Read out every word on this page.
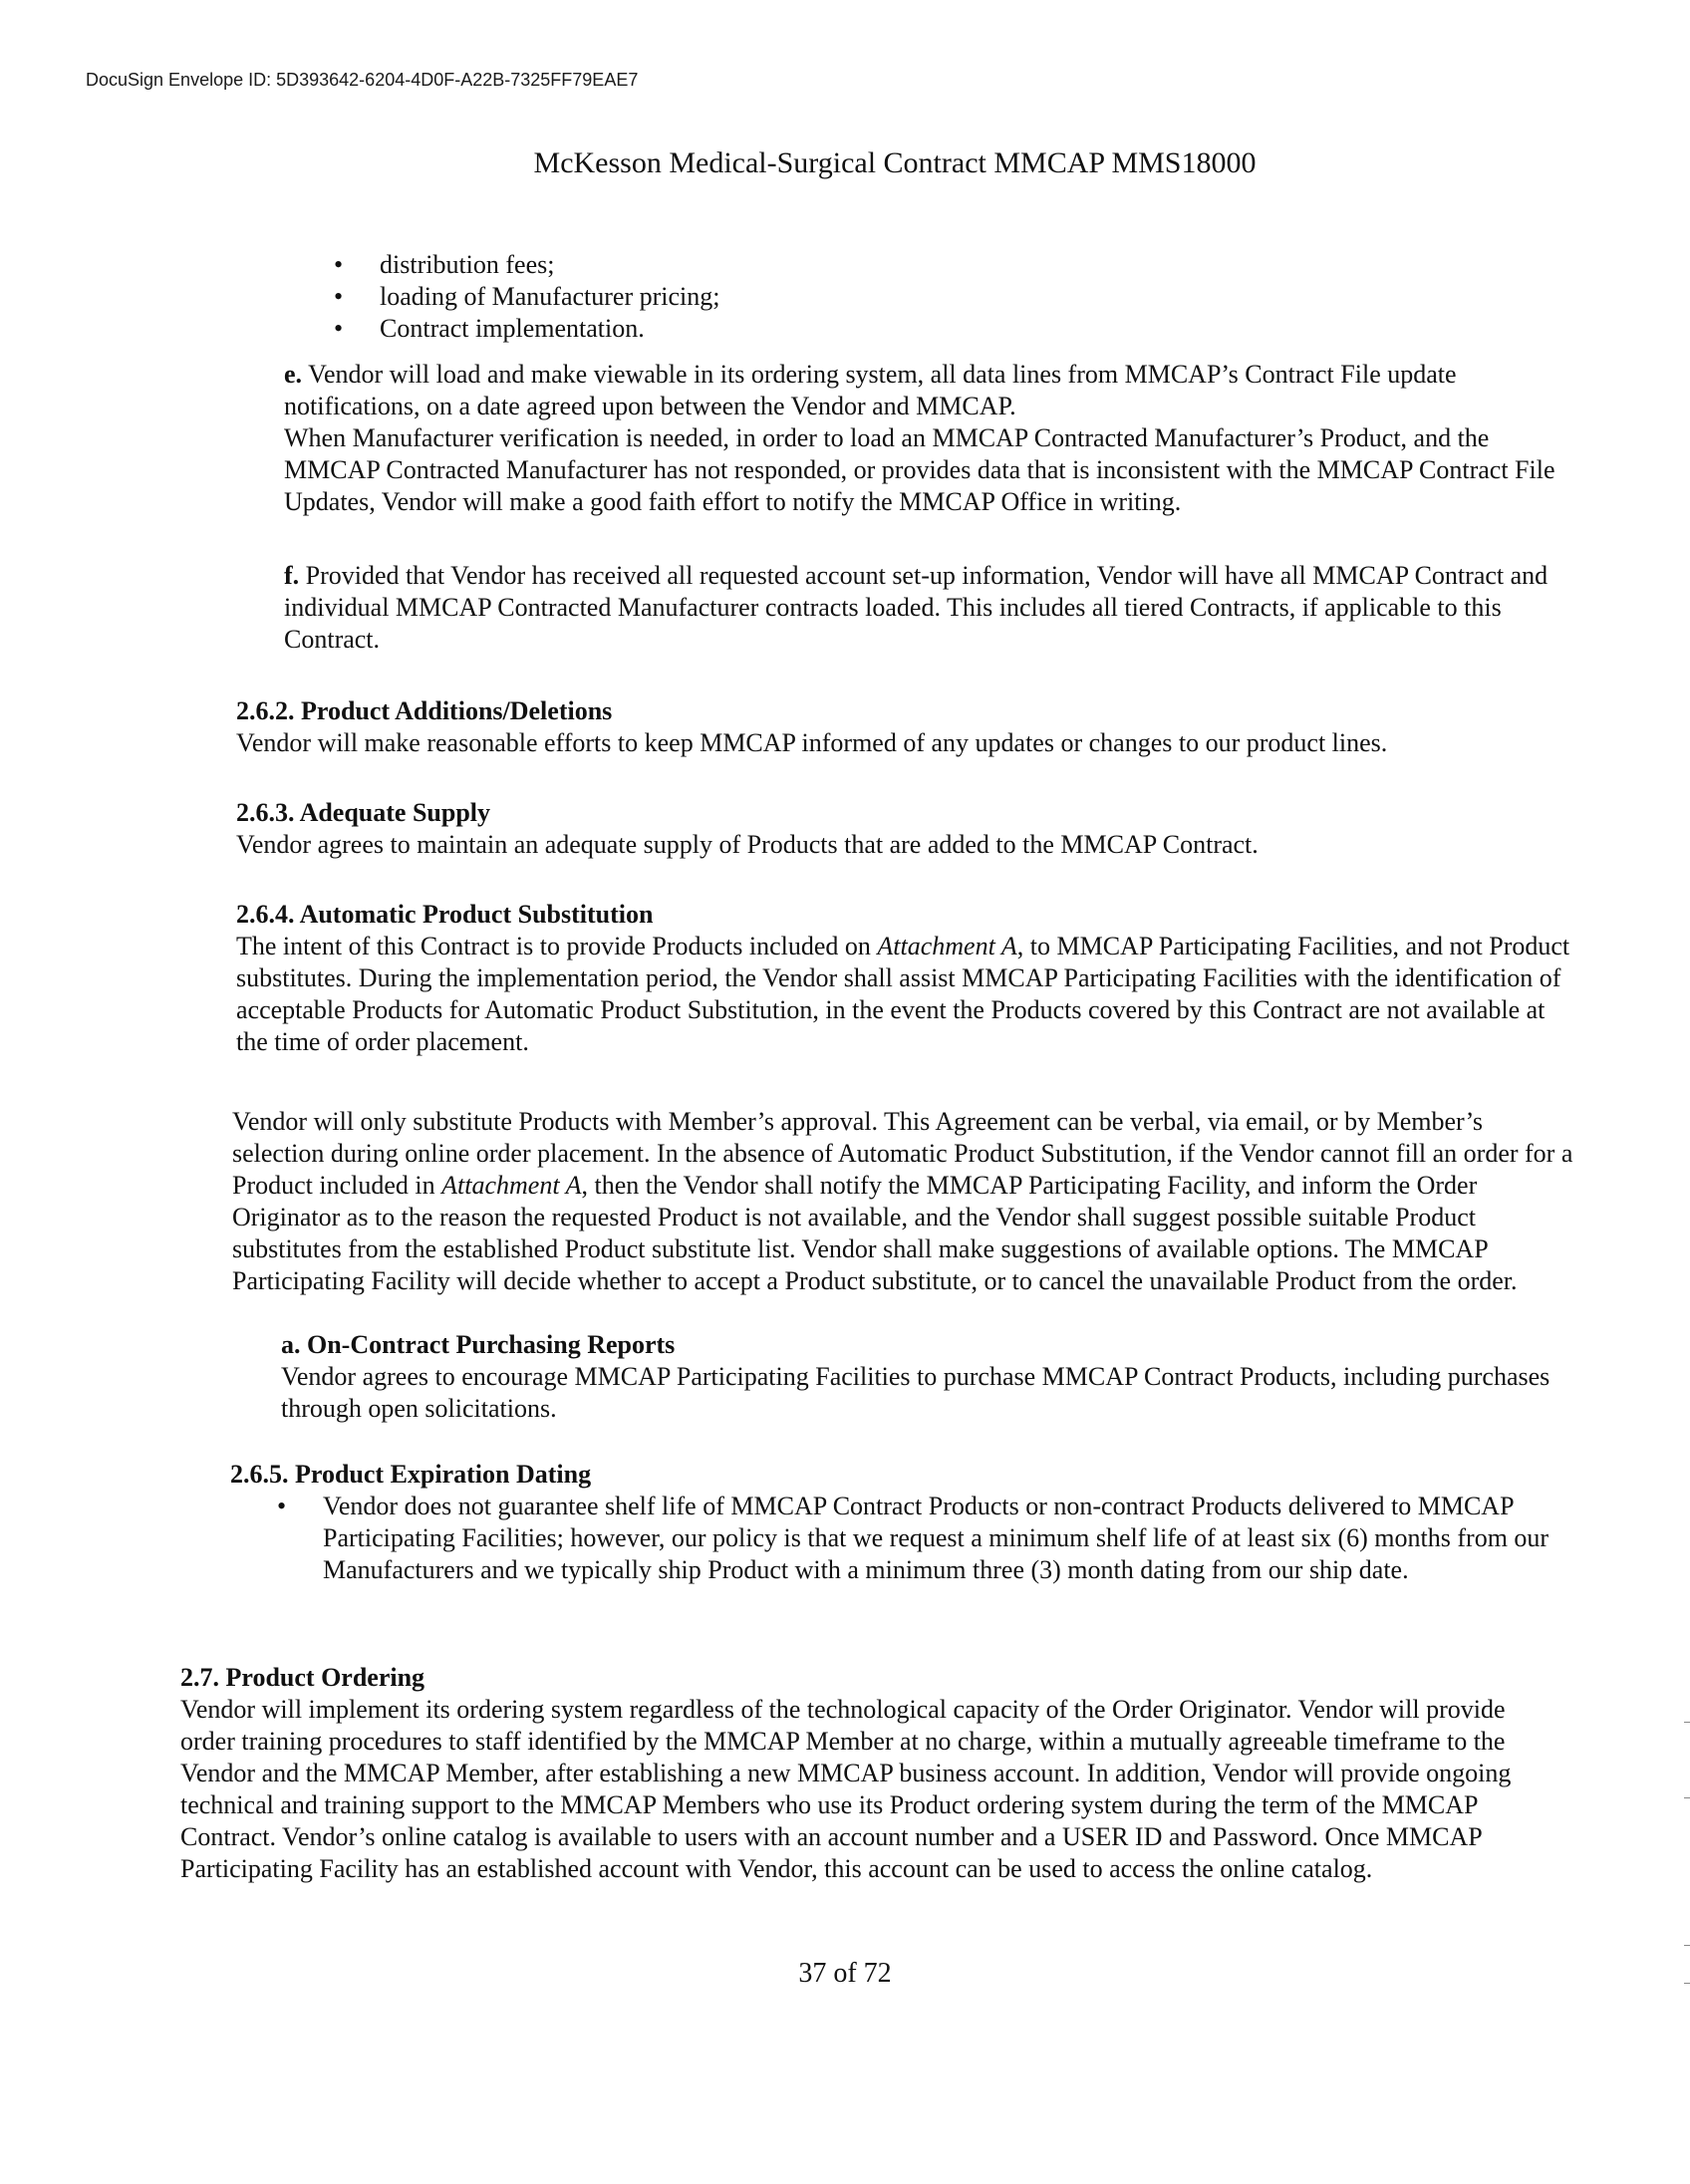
DocuSign Envelope ID: 5D393642-6204-4D0F-A22B-7325FF79EAE7
McKesson Medical-Surgical Contract MMCAP MMS18000
• distribution fees;
• loading of Manufacturer pricing;
• Contract implementation.

e. Vendor will load and make viewable in its ordering system, all data lines from MMCAP’s Contract File update notifications, on a date agreed upon between the Vendor and MMCAP.

When Manufacturer verification is needed, in order to load an MMCAP Contracted Manufacturer’s Product, and the MMCAP Contracted Manufacturer has not responded, or provides data that is inconsistent with the MMCAP Contract File Updates, Vendor will make a good faith effort to notify the MMCAP Office in writing.

f. Provided that Vendor has received all requested account set-up information, Vendor will have all MMCAP Contract and individual MMCAP Contracted Manufacturer contracts loaded. This includes all tiered Contracts, if applicable to this Contract.

2.6.2. Product Additions/Deletions

Vendor will make reasonable efforts to keep MMCAP informed of any updates or changes to our product lines.

2.6.3. Adequate Supply

Vendor agrees to maintain an adequate supply of Products that are added to the MMCAP Contract.

2.6.4. Automatic Product Substitution

The intent of this Contract is to provide Products included on Attachment A, to MMCAP Participating Facilities, and not Product substitutes. During the implementation period, the Vendor shall assist MMCAP Participating Facilities with the identification of acceptable Products for Automatic Product Substitution, in the event the Products covered by this Contract are not available at the time of order placement.

Vendor will only substitute Products with Member’s approval. This Agreement can be verbal, via email, or by Member’s selection during online order placement. In the absence of Automatic Product Substitution, if the Vendor cannot fill an order for a Product included in Attachment A, then the Vendor shall notify the MMCAP Participating Facility, and inform the Order Originator as to the reason the requested Product is not available, and the Vendor shall suggest possible suitable Product substitutes from the established Product substitute list. Vendor shall make suggestions of available options. The MMCAP Participating Facility will decide whether to accept a Product substitute, or to cancel the unavailable Product from the order.

a. On-Contract Purchasing Reports

Vendor agrees to encourage MMCAP Participating Facilities to purchase MMCAP Contract Products, including purchases through open solicitations.

2.6.5. Product Expiration Dating
• Vendor does not guarantee shelf life of MMCAP Contract Products or non-contract Products delivered to MMCAP Participating Facilities; however, our policy is that we request a minimum shelf life of at least six (6) months from our Manufacturers and we typically ship Product with a minimum three (3) month dating from our ship date.
2.7. Product Ordering

Vendor will implement its ordering system regardless of the technological capacity of the Order Originator. Vendor will provide order training procedures to staff identified by the MMCAP Member at no charge, within a mutually agreeable timeframe to the Vendor and the MMCAP Member, after establishing a new MMCAP business account. In addition, Vendor will provide ongoing technical and training support to the MMCAP Members who use its Product ordering system during the term of the MMCAP Contract. Vendor’s online catalog is available to users with an account number and a USER ID and Password. Once MMCAP Participating Facility has an established account with Vendor, this account can be used to access the online catalog.

37 of 72
